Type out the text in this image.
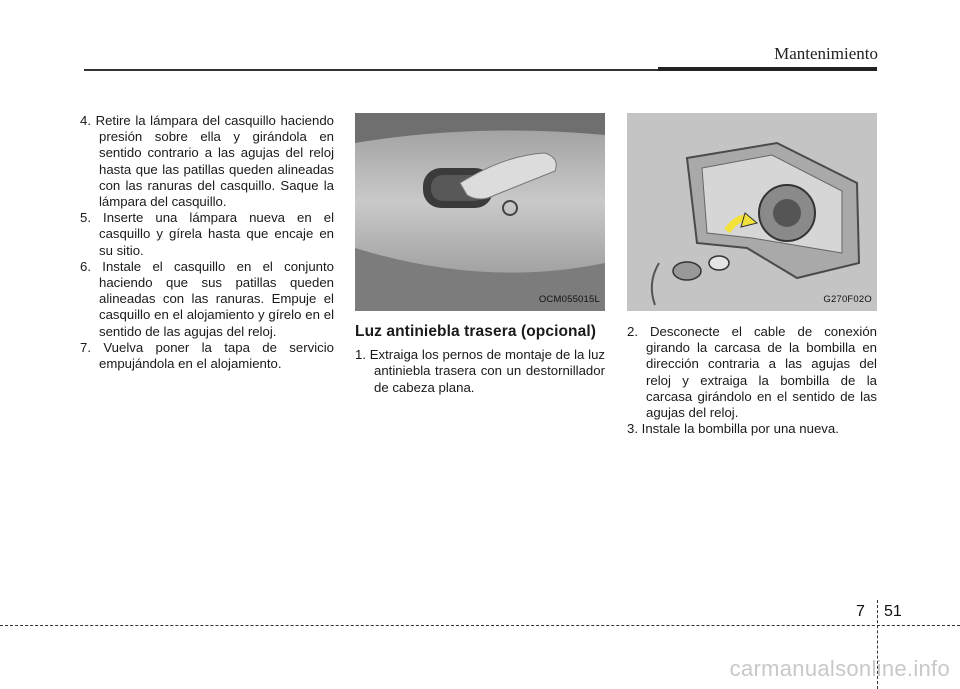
Mantenimiento
4. Retire la lámpara del casquillo haciendo presión sobre ella y girándola en sentido contrario a las agujas del reloj hasta que las patillas queden alineadas con las ranuras del casquillo. Saque la lámpara del casquillo.
5. Inserte una lámpara nueva en el casquillo y gírela hasta que encaje en su sitio.
6. Instale el casquillo en el conjunto haciendo que sus patillas queden alineadas con las ranuras. Empuje el casquillo en el alojamiento y gírelo en el sentido de las agujas del reloj.
7. Vuelva poner la tapa de servicio empujándola en el alojamiento.
OCM055015L
Luz antiniebla trasera (opcional)
1. Extraiga los pernos de montaje de la luz antiniebla trasera con un destornillador de cabeza plana.
G270F02O
2. Desconecte el cable de conexión girando la carcasa de la bombilla en dirección contraria a las agujas del reloj y extraiga la bombilla de la carcasa girándolo en el sentido de las agujas del reloj.
3. Instale la bombilla por una nueva.
7 51
carmanualsonline.info
